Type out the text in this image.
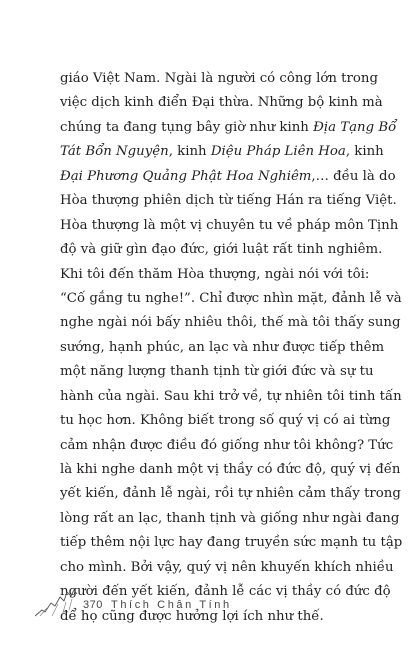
giáo Việt Nam. Ngài là người có công lớn trong
việc dịch kinh điển Đại thừa. Những bộ kinh mà
chúng ta đang tụng bây giờ như kinh Địa Tạng Bổ
Tát Bổn Nguyện, kinh Diệu Pháp Liên Hoa, kinh
Đại Phương Quảng Phật Hoa Nghiêm,… đều là do
Hòa thượng phiên dịch từ tiếng Hán ra tiếng Việt.
Hòa thượng là một vị chuyên tu về pháp môn Tịnh
độ và giữ gìn đạo đức, giới luật rất tinh nghiêm.
Khi tôi đến thăm Hòa thượng, ngài nói với tôi:
“Cố gắng tu nghe!”. Chỉ được nhìn mặt, đảnh lễ và
nghe ngài nói bấy nhiêu thôi, thế mà tôi thấy sung
sướng, hạnh phúc, an lạc và như được tiếp thêm
một năng lượng thanh tịnh từ giới đức và sự tu
hành của ngài. Sau khi trở về, tự nhiên tôi tinh tấn
tu học hơn. Không biết trong số quý vị có ai từng
cảm nhận được điều đó giống như tôi không? Tức
là khi nghe danh một vị thầy có đức độ, quý vị đến
yết kiến, đảnh lễ ngài, rồi tự nhiên cảm thấy trong
lòng rất an lạc, thanh tịnh và giống như ngài đang
tiếp thêm nội lực hay đang truyền sức mạnh tu tập
cho mình. Bởi vậy, quý vị nên khuyến khích nhiều
người đến yết kiến, đảnh lễ các vị thầy có đức độ
để họ cũng được hưởng lợi ích như thế.
370 Thích Chân Tính
